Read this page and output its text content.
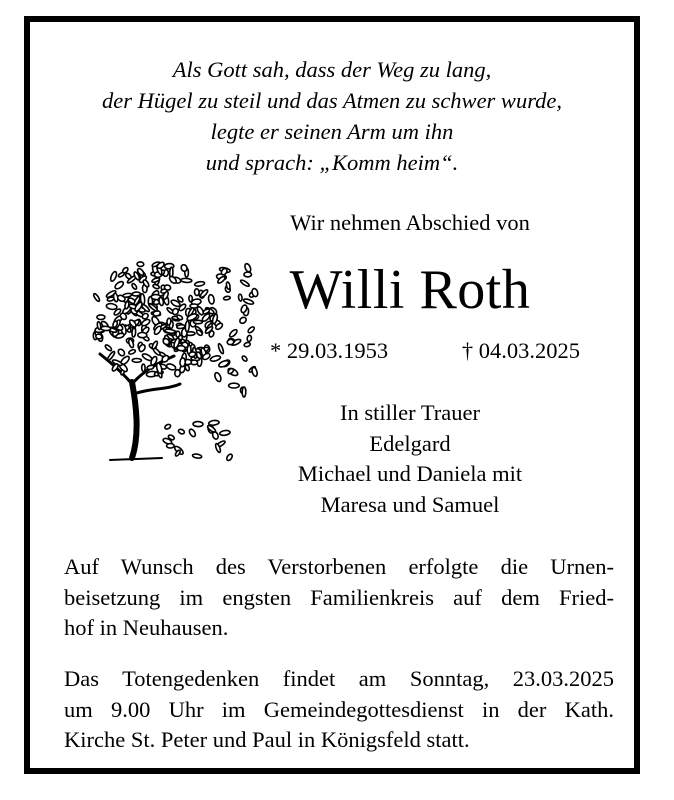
Als Gott sah, dass der Weg zu lang,
der Hügel zu steil und das Atmen zu schwer wurde,
legte er seinen Arm um ihn
und sprach: „Komm heim“.
Wir nehmen Abschied von
Willi Roth
* 29.03.1953	† 04.03.2025
In stiller Trauer
Edelgard
Michael und Daniela mit
Maresa und Samuel
Auf Wunsch des Verstorbenen erfolgte die Urnen-
beisetzung im engsten Familienkreis auf dem Fried-
hof in Neuhausen.
Das Totengedenken findet am Sonntag, 23.03.2025
um 9.00 Uhr im Gemeindegottesdienst in der Kath.
Kirche St. Peter und Paul in Königsfeld statt.
